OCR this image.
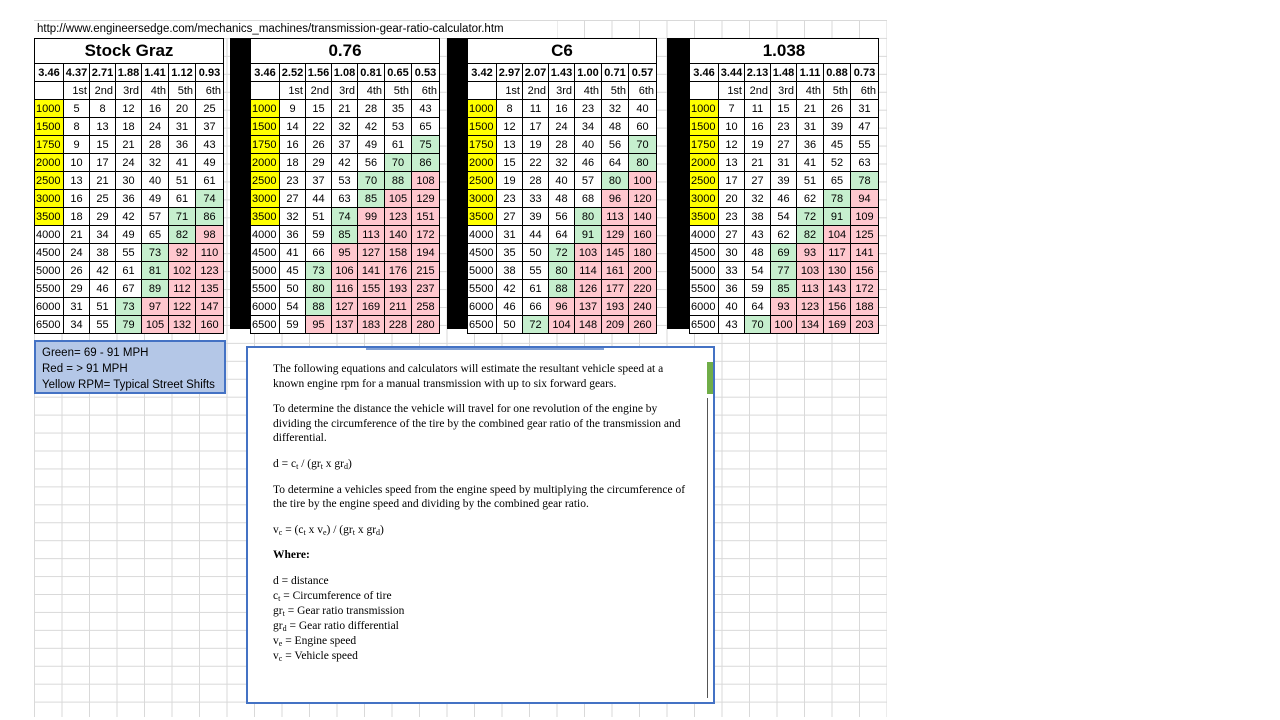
http://www.engineersedge.com/mechanics_machines/transmission-gear-ratio-calculator.htm
Stock Graz						
3.46	4.37	2.71	1.88	1.41	1.12	0.93
	1st	2nd	3rd	4th	5th	6th
1000	5	8	12	16	20	25
1500	8	13	18	24	31	37
1750	9	15	21	28	36	43
2000	10	17	24	32	41	49
2500	13	21	30	40	51	61
3000	16	25	36	49	61	74
3500	18	29	42	57	71	86
4000	21	34	49	65	82	98
4500	24	38	55	73	92	110
5000	26	42	61	81	102	123
5500	29	46	67	89	112	135
6000	31	51	73	97	122	147
6500	34	55	79	105	132	160
0.76						
3.46	2.52	1.56	1.08	0.81	0.65	0.53
	1st	2nd	3rd	4th	5th	6th
1000	9	15	21	28	35	43
1500	14	22	32	42	53	65
1750	16	26	37	49	61	75
2000	18	29	42	56	70	86
2500	23	37	53	70	88	108
3000	27	44	63	85	105	129
3500	32	51	74	99	123	151
4000	36	59	85	113	140	172
4500	41	66	95	127	158	194
5000	45	73	106	141	176	215
5500	50	80	116	155	193	237
6000	54	88	127	169	211	258
6500	59	95	137	183	228	280
C6						
3.42	2.97	2.07	1.43	1.00	0.71	0.57
	1st	2nd	3rd	4th	5th	6th
1000	8	11	16	23	32	40
1500	12	17	24	34	48	60
1750	13	19	28	40	56	70
2000	15	22	32	46	64	80
2500	19	28	40	57	80	100
3000	23	33	48	68	96	120
3500	27	39	56	80	113	140
4000	31	44	64	91	129	160
4500	35	50	72	103	145	180
5000	38	55	80	114	161	200
5500	42	61	88	126	177	220
6000	46	66	96	137	193	240
6500	50	72	104	148	209	260
1.038						
3.46	3.44	2.13	1.48	1.11	0.88	0.73
	1st	2nd	3rd	4th	5th	6th
1000	7	11	15	21	26	31
1500	10	16	23	31	39	47
1750	12	19	27	36	45	55
2000	13	21	31	41	52	63
2500	17	27	39	51	65	78
3000	20	32	46	62	78	94
3500	23	38	54	72	91	109
4000	27	43	62	82	104	125
4500	30	48	69	93	117	141
5000	33	54	77	103	130	156
5500	36	59	85	113	143	172
6000	40	64	93	123	156	188
6500	43	70	100	134	169	203
Green= 69 - 91 MPH
Red = > 91 MPH
Yellow RPM= Typical Street Shifts

The following equations and calculators will estimate the resultant vehicle speed at a known engine rpm for a manual transmission with up to six forward gears.

To determine the distance the vehicle will travel for one revolution of the engine by dividing the circumference of the tire by the combined gear ratio of the transmission and differential.

$d = c_t / (gr_t$ x $gr_d$)

To determine a vehicles speed from the engine speed by multiplying the circumference of the tire by the engine speed and dividing by the combined gear ratio.

$v_c = (c_t$ x $v_e) / (gr_t$ x $gr_d$)

Where:

d = distance
$c_t$ = Circumference of tire
$gr_t$ = Gear ratio transmission
$gr_d$ = Gear ratio differential
$v_e$ = Engine speed
$v_c$ = Vehicle speed
